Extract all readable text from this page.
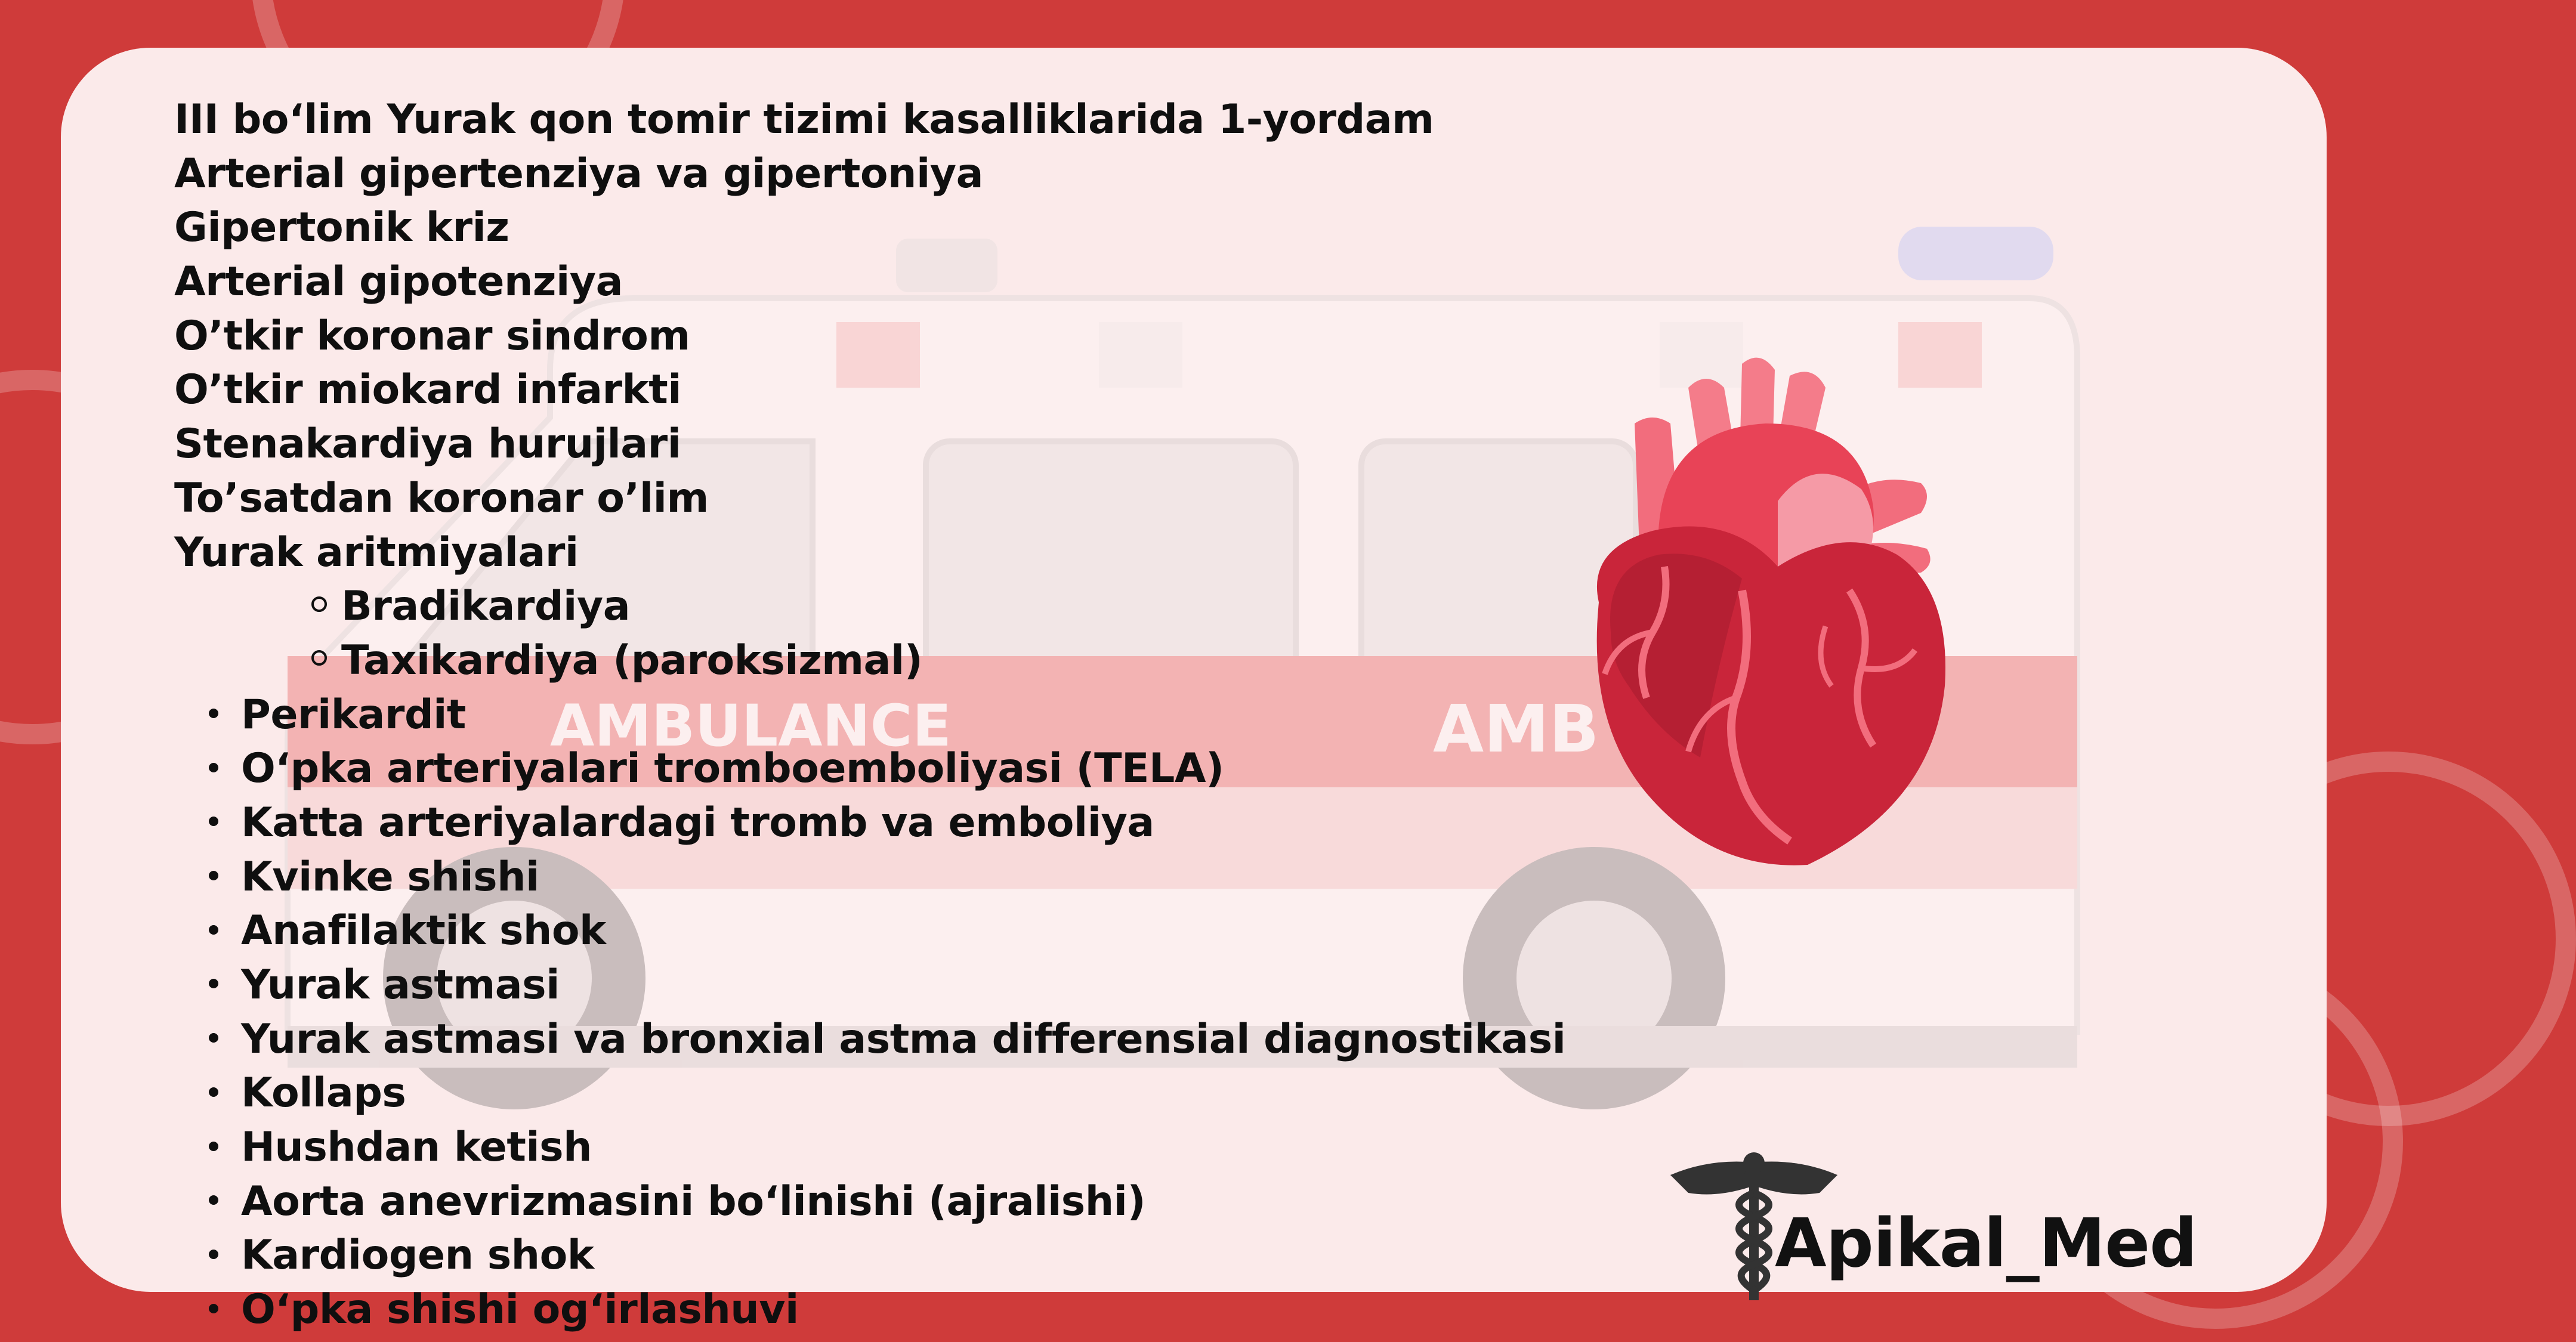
AMBULANCE	AMB
III bo‘lim Yurak qon tomir tizimi kasalliklarida 1-yordam
Arterial gipertenziya va gipertoniya
Gipertonik kriz
Arterial gipotenziya
O’tkir koronar sindrom
O’tkir miokard infarkti
Stenakardiya hurujlari
To’satdan koronar o’lim
Yurak aritmiyalari
Bradikardiya
Taxikardiya (paroksizmal)
Perikardit
O‘pka arteriyalari tromboemboliyasi (TELA)
Katta arteriyalardagi tromb va emboliya
Kvinke shishi
Anafilaktik shok
Yurak astmasi
Yurak astmasi va bronxial astma differensial diagnostikasi
Kollaps
Hushdan ketish
Aorta anevrizmasini bo‘linishi (ajralishi)
Kardiogen shok
O‘pka shishi og‘irlashuvi
Apikal_Med
